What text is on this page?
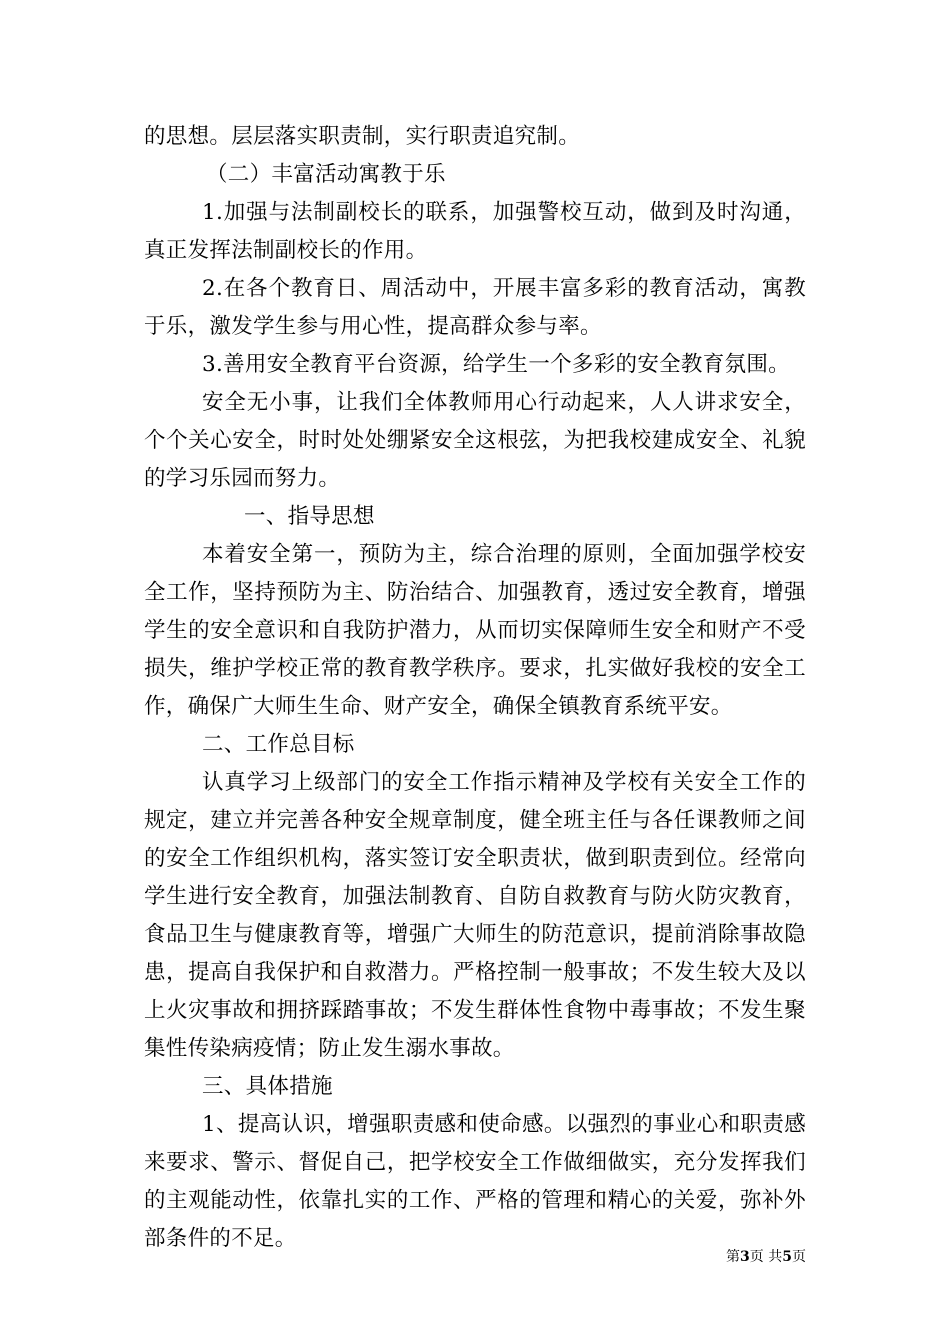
的思想。层层落实职责制，实行职责追究制。

（二）丰富活动寓教于乐

1.加强与法制副校长的联系，加强警校互动，做到及时沟通，真正发挥法制副校长的作用。

2.在各个教育日、周活动中，开展丰富多彩的教育活动，寓教于乐，激发学生参与用心性，提高群众参与率。

3.善用安全教育平台资源，给学生一个多彩的安全教育氛围。

安全无小事，让我们全体教师用心行动起来，人人讲求安全，个个关心安全，时时处处绷紧安全这根弦，为把我校建成安全、礼貌的学习乐园而努力。

一、指导思想

本着安全第一，预防为主，综合治理的原则，全面加强学校安全工作，坚持预防为主、防治结合、加强教育，透过安全教育，增强学生的安全意识和自我防护潜力，从而切实保障师生安全和财产不受损失，维护学校正常的教育教学秩序。要求，扎实做好我校的安全工作，确保广大师生生命、财产安全，确保全镇教育系统平安。

二、工作总目标

认真学习上级部门的安全工作指示精神及学校有关安全工作的规定，建立并完善各种安全规章制度，健全班主任与各任课教师之间的安全工作组织机构，落实签订安全职责状，做到职责到位。经常向学生进行安全教育，加强法制教育、自防自救教育与防火防灾教育，食品卫生与健康教育等，增强广大师生的防范意识，提前消除事故隐患，提高自我保护和自救潜力。严格控制一般事故；不发生较大及以上火灾事故和拥挤踩踏事故；不发生群体性食物中毒事故；不发生聚集性传染病疫情；防止发生溺水事故。

三、具体措施

1、提高认识，增强职责感和使命感。以强烈的事业心和职责感来要求、警示、督促自己，把学校安全工作做细做实，充分发挥我们的主观能动性，依靠扎实的工作、严格的管理和精心的关爱，弥补外部条件的不足。

第3页 共5页
